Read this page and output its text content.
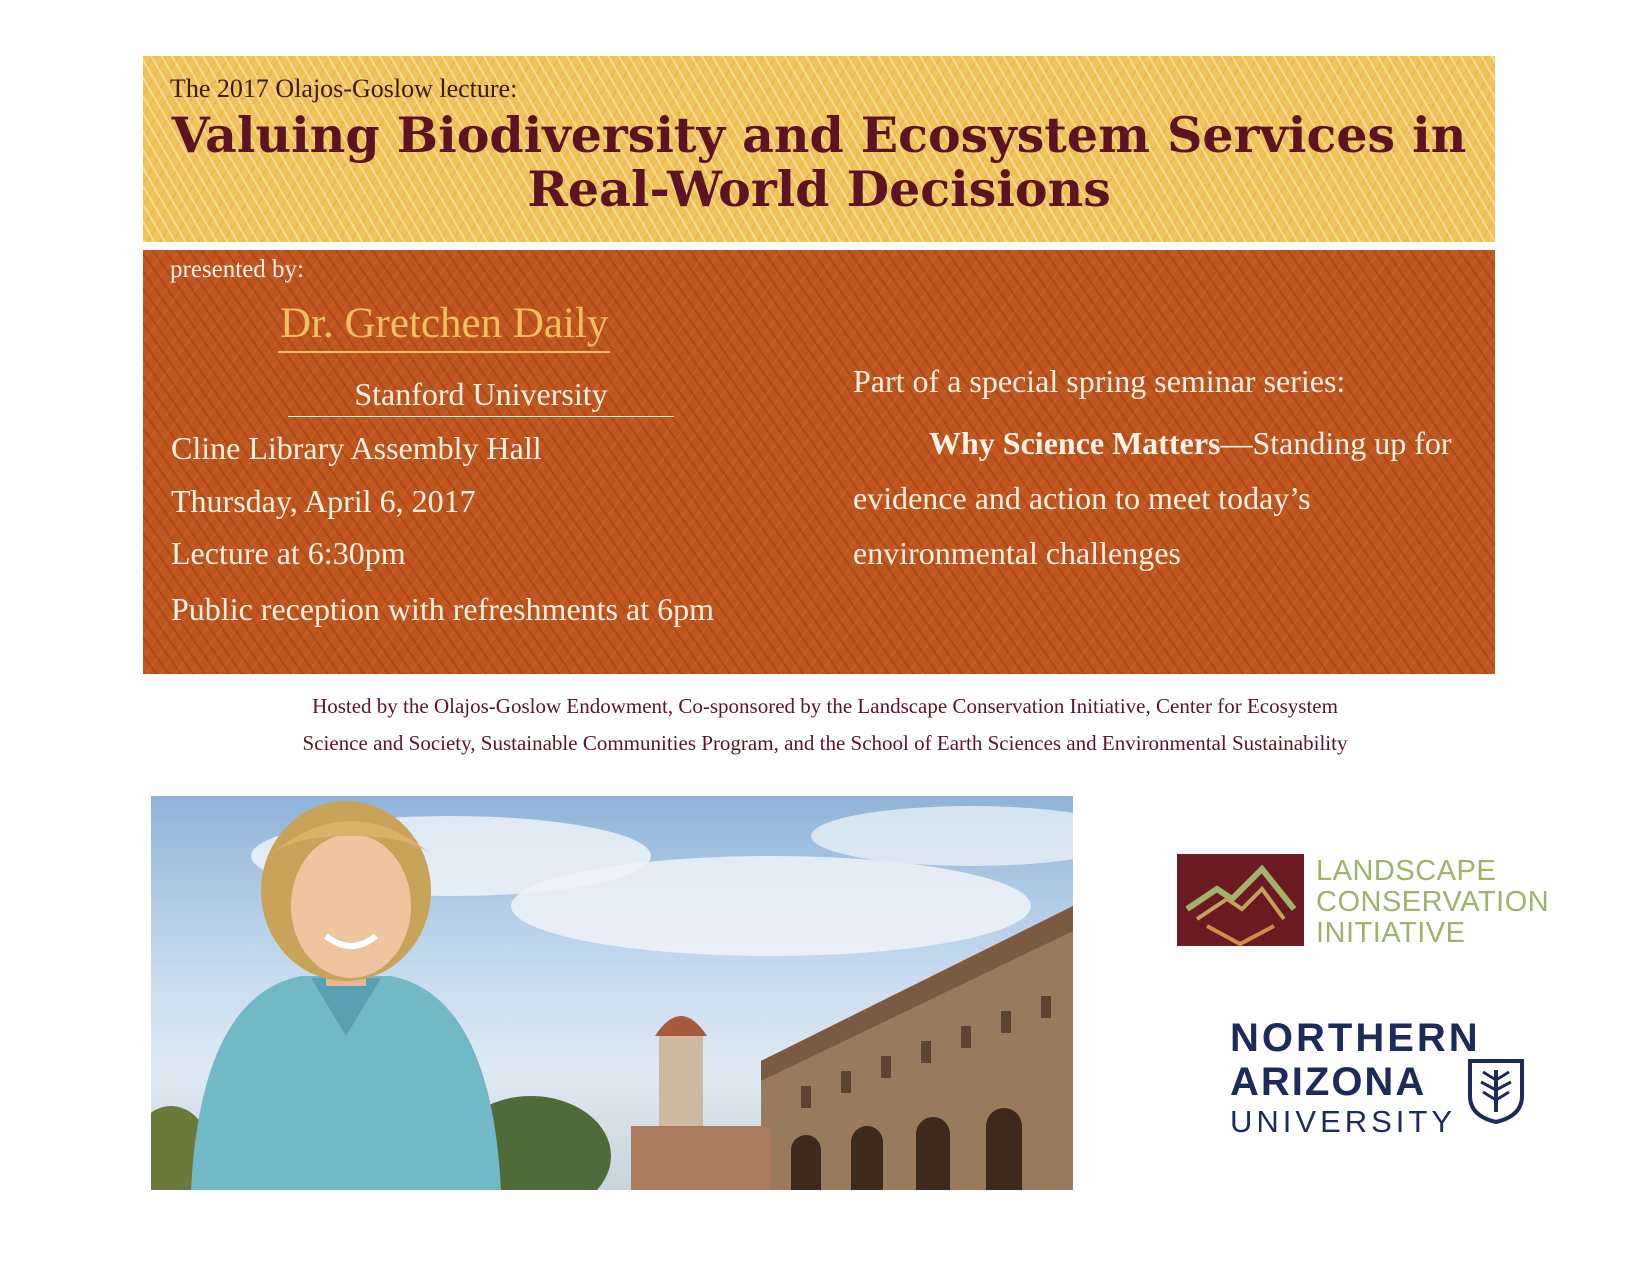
The 2017 Olajos-Goslow lecture:
Valuing Biodiversity and Ecosystem Services in
Real-World Decisions
presented by:
Dr. Gretchen Daily
Stanford University
Cline Library Assembly Hall
Thursday, April 6, 2017
Lecture at 6:30pm
Public reception with refreshments at 6pm
Part of a special spring seminar series:
Why Science Matters—Standing up for evidence and action to meet today’s environmental challenges
Hosted by the Olajos-Goslow Endowment, Co-sponsored by the Landscape Conservation Initiative, Center for Ecosystem
Science and Society, Sustainable Communities Program, and the School of Earth Sciences and Environmental Sustainability
LANDSCAPE
CONSERVATION
INITIATIVE
NORTHERN
ARIZONA
UNIVERSITY
